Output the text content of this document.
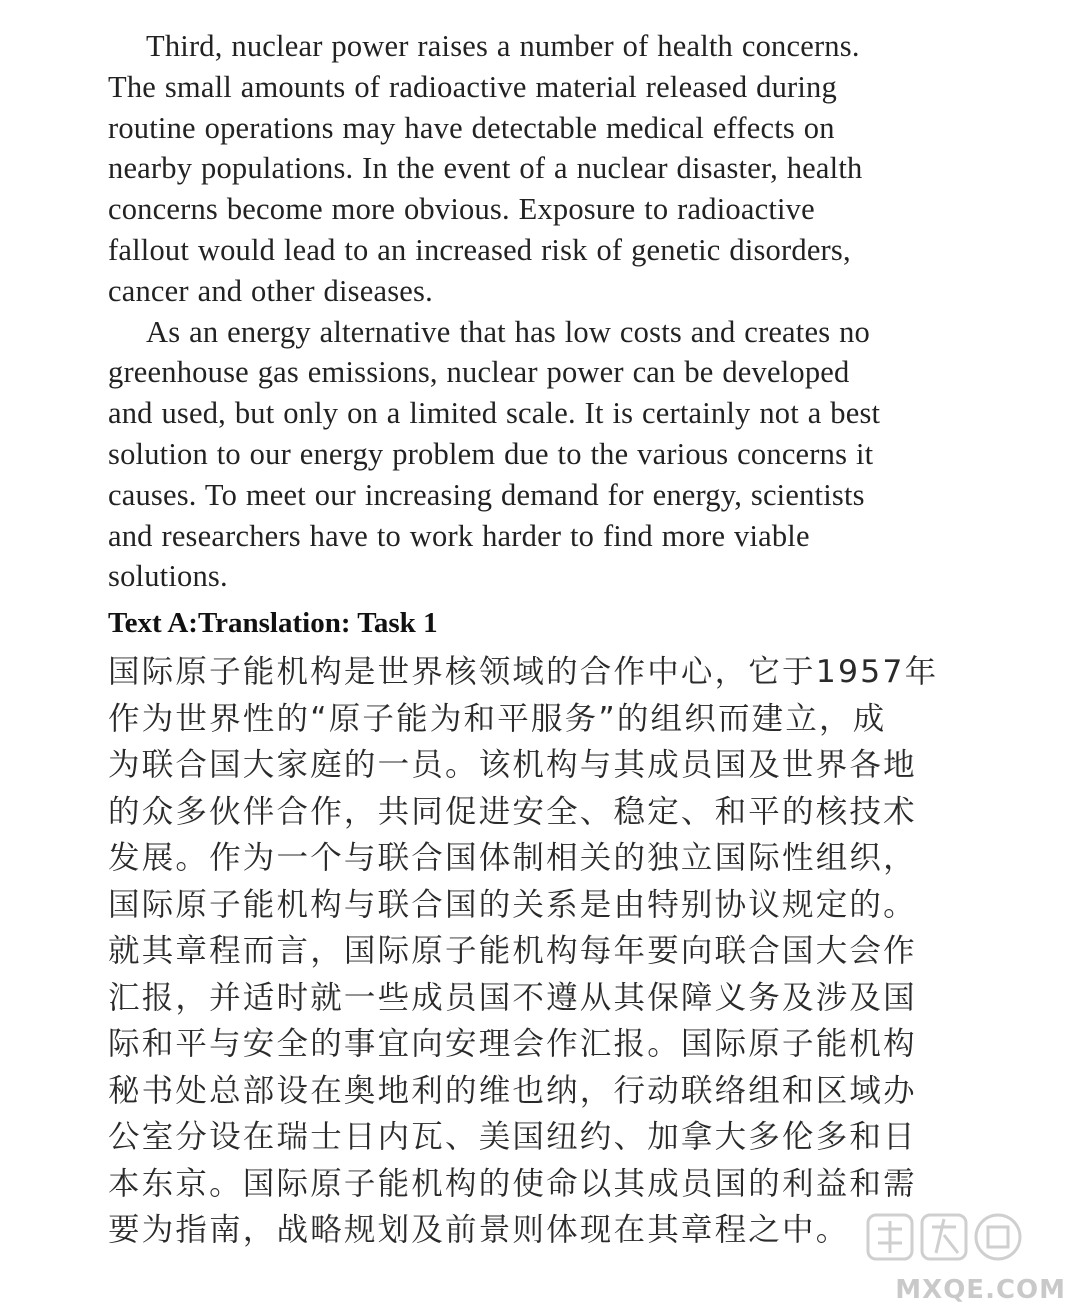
Third, nuclear power raises a number of health concerns.
The small amounts of radioactive material released during
routine operations may have detectable medical effects on
nearby populations. In the event of a nuclear disaster, health
concerns become more obvious. Exposure to radioactive
fallout would lead to an increased risk of genetic disorders,
cancer and other diseases.

As an energy alternative that has low costs and creates no
greenhouse gas emissions, nuclear power can be developed
and used, but only on a limited scale. It is certainly not a best
solution to our energy problem due to the various concerns it
causes. To meet our increasing demand for energy, scientists
and researchers have to work harder to find more viable
solutions.

Text A:Translation: Task 1

国际原子能机构是世界核领域的合作中心，它于1957年
作为世界性的“原子能为和平服务”的组织而建立，成
为联合国大家庭的一员。该机构与其成员国及世界各地
的众多伙伴合作，共同促进安全、稳定、和平的核技术
发展。作为一个与联合国体制相关的独立国际性组织，
国际原子能机构与联合国的关系是由特别协议规定的。
就其章程而言，国际原子能机构每年要向联合国大会作
汇报，并适时就一些成员国不遵从其保障义务及涉及国
际和平与安全的事宜向安理会作汇报。国际原子能机构
秘书处总部设在奥地利的维也纳，行动联络组和区域办
公室分设在瑞士日内瓦、美国纽约、加拿大多伦多和日
本东京。国际原子能机构的使命以其成员国的利益和需
要为指南，战略规划及前景则体现在其章程之中。

MXQE.COM
